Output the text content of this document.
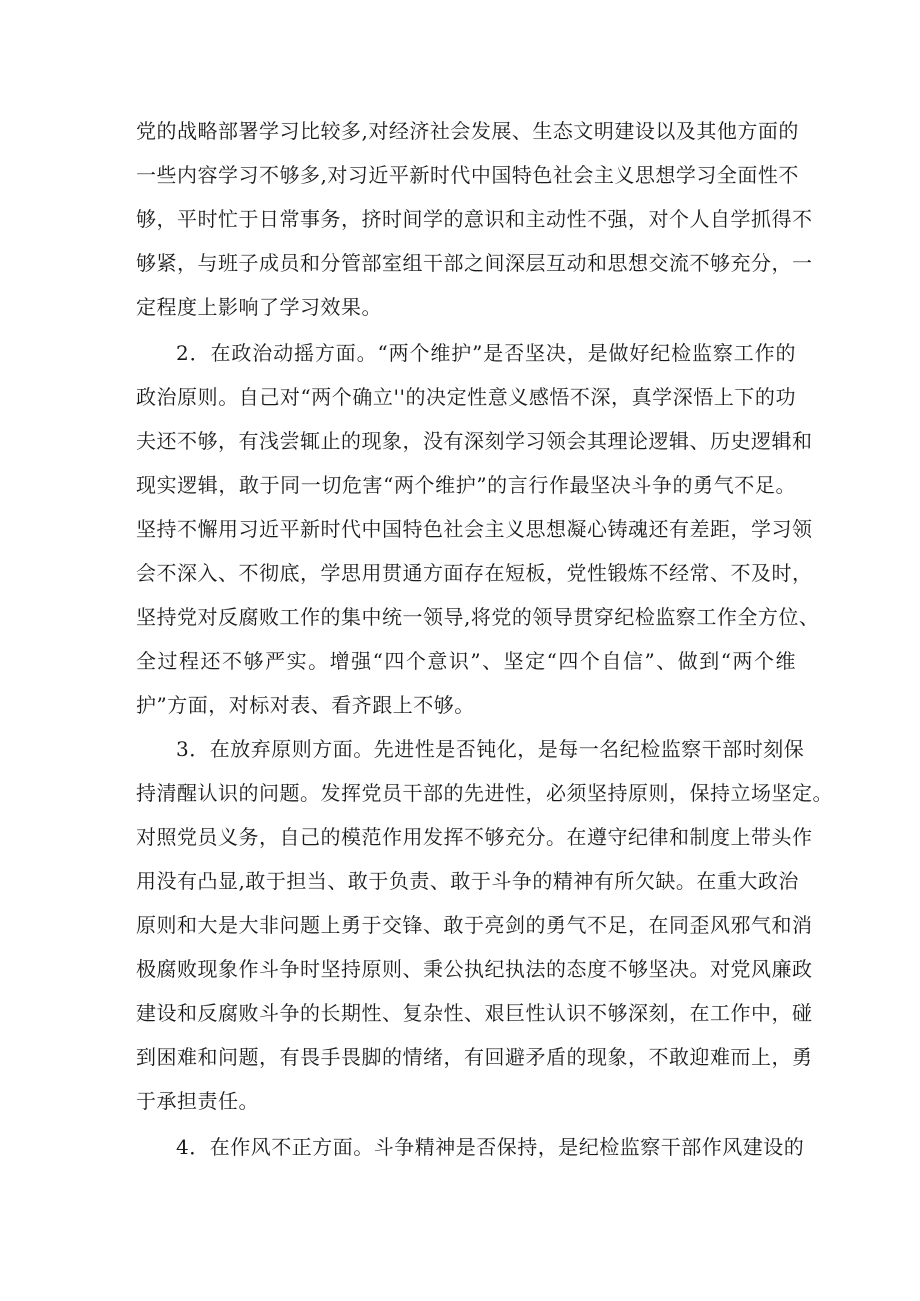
党的战略部署学习比较多,对经济社会发展、生态文明建设以及其他方面的
一些内容学习不够多,对习近平新时代中国特色社会主义思想学习全面性不
够，平时忙于日常事务，挤时间学的意识和主动性不强，对个人自学抓得不
够紧，与班子成员和分管部室组干部之间深层互动和思想交流不够充分，一
定程度上影响了学习效果。
2．在政治动摇方面。“两个维护”是否坚决，是做好纪检监察工作的
政治原则。自己对“两个确立''的决定性意义感悟不深，真学深悟上下的功
夫还不够，有浅尝辄止的现象，没有深刻学习领会其理论逻辑、历史逻辑和
现实逻辑，敢于同一切危害“两个维护”的言行作最坚决斗争的勇气不足。
坚持不懈用习近平新时代中国特色社会主义思想凝心铸魂还有差距，学习领
会不深入、不彻底，学思用贯通方面存在短板，党性锻炼不经常、不及时，
坚持党对反腐败工作的集中统一领导,将党的领导贯穿纪检监察工作全方位、
全过程还不够严实。增强“四个意识”、坚定“四个自信”、做到“两个维
护”方面，对标对表、看齐跟上不够。
3．在放弃原则方面。先进性是否钝化，是每一名纪检监察干部时刻保
持清醒认识的问题。发挥党员干部的先进性，必须坚持原则，保持立场坚定。
对照党员义务，自己的模范作用发挥不够充分。在遵守纪律和制度上带头作
用没有凸显,敢于担当、敢于负责、敢于斗争的精神有所欠缺。在重大政治
原则和大是大非问题上勇于交锋、敢于亮剑的勇气不足，在同歪风邪气和消
极腐败现象作斗争时坚持原则、秉公执纪执法的态度不够坚决。对党风廉政
建设和反腐败斗争的长期性、复杂性、艰巨性认识不够深刻，在工作中，碰
到困难和问题，有畏手畏脚的情绪，有回避矛盾的现象，不敢迎难而上，勇
于承担责任。
4．在作风不正方面。斗争精神是否保持，是纪检监察干部作风建设的
